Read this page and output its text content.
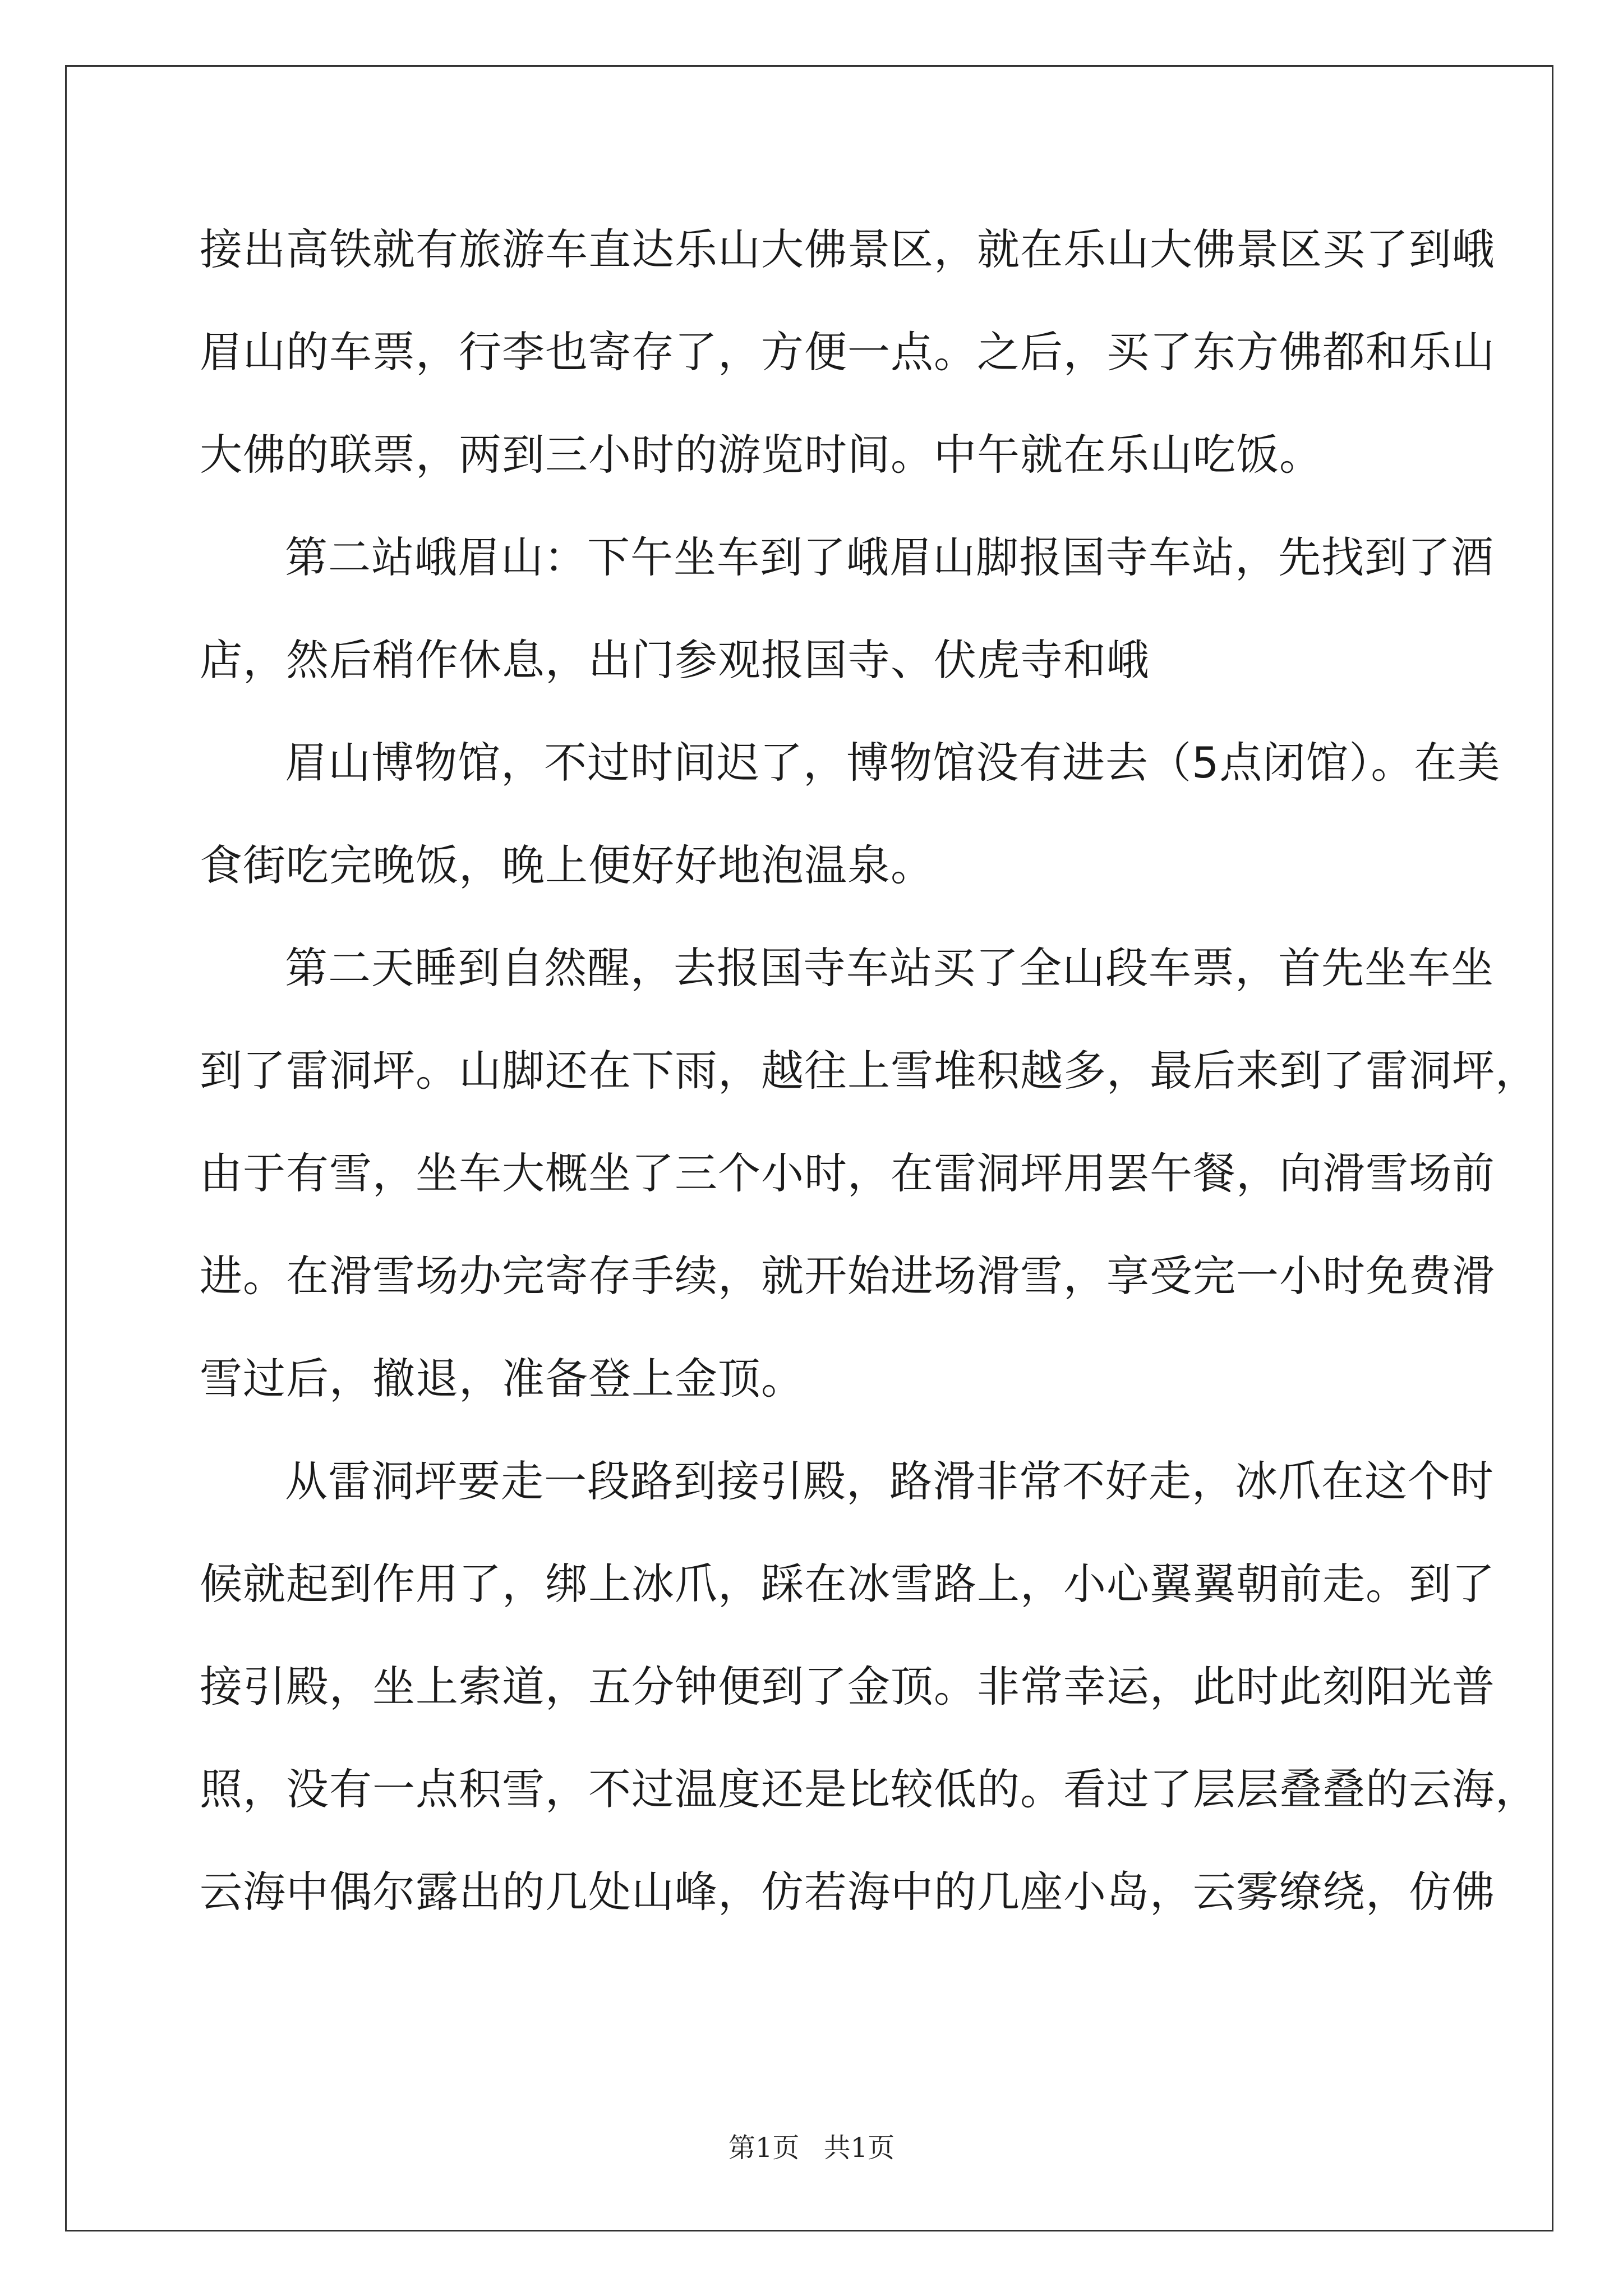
接出高铁就有旅游车直达乐山大佛景区，就在乐山大佛景区买了到峨
眉山的车票，行李也寄存了，方便一点。之后，买了东方佛都和乐山
大佛的联票，两到三小时的游览时间。中午就在乐山吃饭。
第二站峨眉山：下午坐车到了峨眉山脚报国寺车站，先找到了酒
店，然后稍作休息，出门参观报国寺、伏虎寺和峨
眉山博物馆，不过时间迟了，博物馆没有进去（5点闭馆）。在美
食街吃完晚饭，晚上便好好地泡温泉。
第二天睡到自然醒，去报国寺车站买了全山段车票，首先坐车坐
到了雷洞坪。山脚还在下雨，越往上雪堆积越多，最后来到了雷洞坪，
由于有雪，坐车大概坐了三个小时，在雷洞坪用罢午餐，向滑雪场前
进。在滑雪场办完寄存手续，就开始进场滑雪，享受完一小时免费滑
雪过后，撤退，准备登上金顶。
从雷洞坪要走一段路到接引殿，路滑非常不好走，冰爪在这个时
候就起到作用了，绑上冰爪，踩在冰雪路上，小心翼翼朝前走。到了
接引殿，坐上索道，五分钟便到了金顶。非常幸运，此时此刻阳光普
照，没有一点积雪，不过温度还是比较低的。看过了层层叠叠的云海，
云海中偶尔露出的几处山峰，仿若海中的几座小岛，云雾缭绕，仿佛
第1页 共1页
